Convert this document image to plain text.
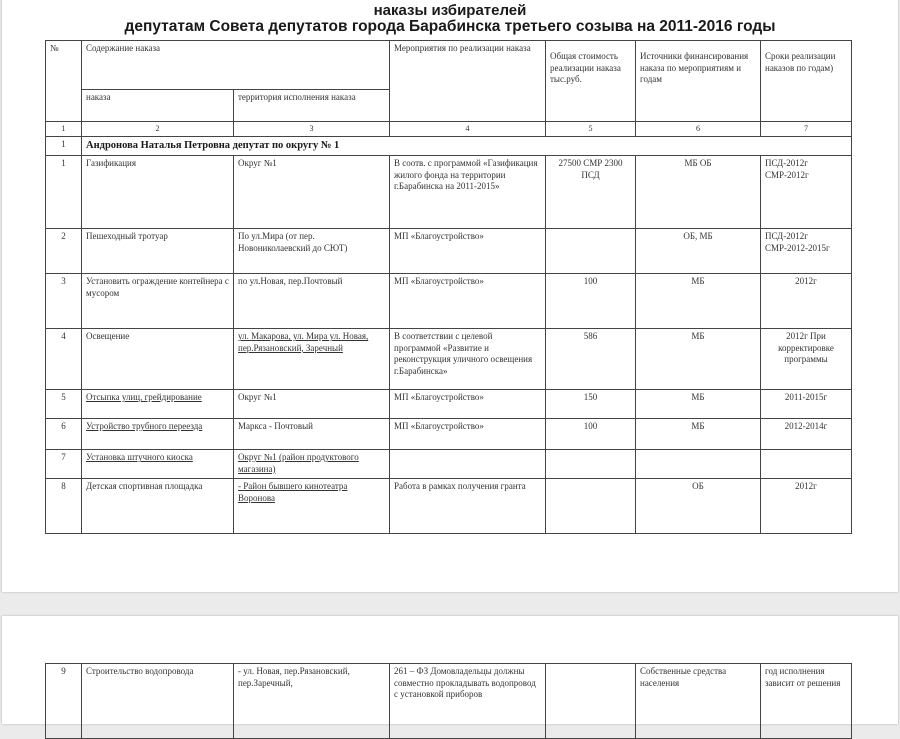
наказы избирателей
депутатам Совета депутатов города Барабинска третьего созыва на 2011-2016 годы
№	Содержание наказа		Мероприятия по реализации наказа	Общая стоимость реализации наказа тыс.руб.	Источники финансирования наказа по мероприятиям и годам	Сроки реализации наказов по годам)
	наказа	территория исполнения наказа				
1	2	3	4	5	6	7
1	Андронова Наталья Петровна депутат по округу № 1					
1	Газификация	Округ №1	В соотв. с программой «Газификация жилого фонда на территории г.Барабинска на 2011-2015»	27500 СМР 2300 ПСД	МБ ОБ	ПСД-2012г СМР-2012г
2	Пешеходный тротуар	По ул.Мира (от пер. Новониколаевский до СЮТ)	МП «Благоустройство»		ОБ, МБ	ПСД-2012г СМР-2012-2015г
3	Установить ограждение контейнера с мусором	по ул.Новая, пер.Почтовый	МП «Благоустройство»	100	МБ	2012г
4	Освещение	ул. Макарова, ул. Мира ул. Новая, пер.Рязановский, Заречный	В соответствии с целевой программой «Развитие и реконструкция уличного освещения г.Барабинска»	586	МБ	2012г При корректировке программы
5	Отсыпка улиц, грейдирование	Округ №1	МП «Благоустройство»	150	МБ	2011-2015г
6	Устройство трубного переезда	Маркса - Почтовый	МП «Благоустройство»	100	МБ	2012-2014г
7	Установка штучного киоска	Округ №1 (район продуктового магазина)				
8	Детская спортивная площадка	- Район бывшего кинотеатра Воронова	Работа в рамках получения гранта		ОБ	2012г
9	Строительство водопровода	- ул. Новая, пер.Рязановский, пер.Заречный,	261 – ФЗ Домовладельцы должны совместно прокладывать водопровод с установкой приборов		Собственные средства населения	год исполнения зависит от решения
